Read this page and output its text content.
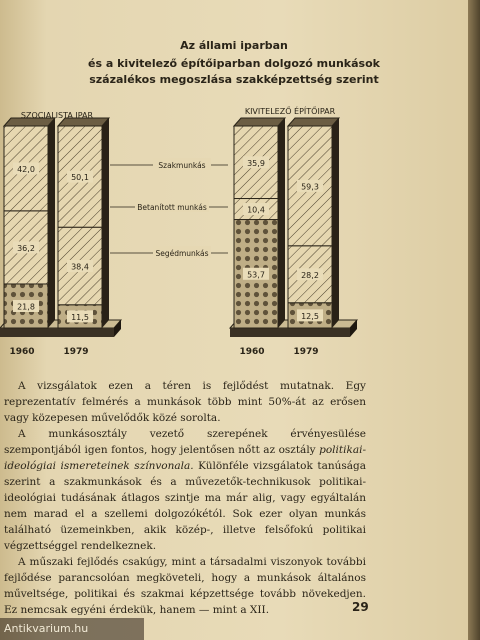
Az állami iparban
és a kivitelező építőiparban dolgozó munkások
százalékos megoszlása szakképzettség szerint
21,8
36,2
42,0
11,5
38,4
50,1
53,7
10,4
35,9
12,5
28,2
59,3
Szakmunkás
Betanított munkás
Segédmunkás
SZOCIALISTA IPAR	KIVITELEZŐ ÉPÍTŐIPAR
1960	1979	1960	1979

A vizsgálatok ezen a téren is fejlődést mutatnak. Egy reprezentatív felmérés a munkások több mint 50%-át az erősen vagy közepesen művelődők közé sorolta.

A munkásosztály vezető szerepének érvényesülése szempontjából igen fontos, hogy jelentősen nőtt az osztály politikai-ideológiai ismereteinek színvonala. Különféle vizsgálatok tanúsága szerint a szakmunkások és a művezetők-technikusok politikai-ideológiai tudásának átlagos szintje ma már alig, vagy egyáltalán nem marad el a szellemi dolgozókétól. Sok ezer olyan munkás található üzemeinkben, akik közép-, illetve felsőfokú politikai végzettséggel rendelkeznek.

A műszaki fejlődés csakúgy, mint a társadalmi viszonyok további fejlődése parancsolóan megköveteli, hogy a munkások általános műveltsége, politikai és szakmai képzettsége tovább növekedjen. Ez nemcsak egyéni érdekük, hanem — mint a XII.	29
Antikvarium.hu
